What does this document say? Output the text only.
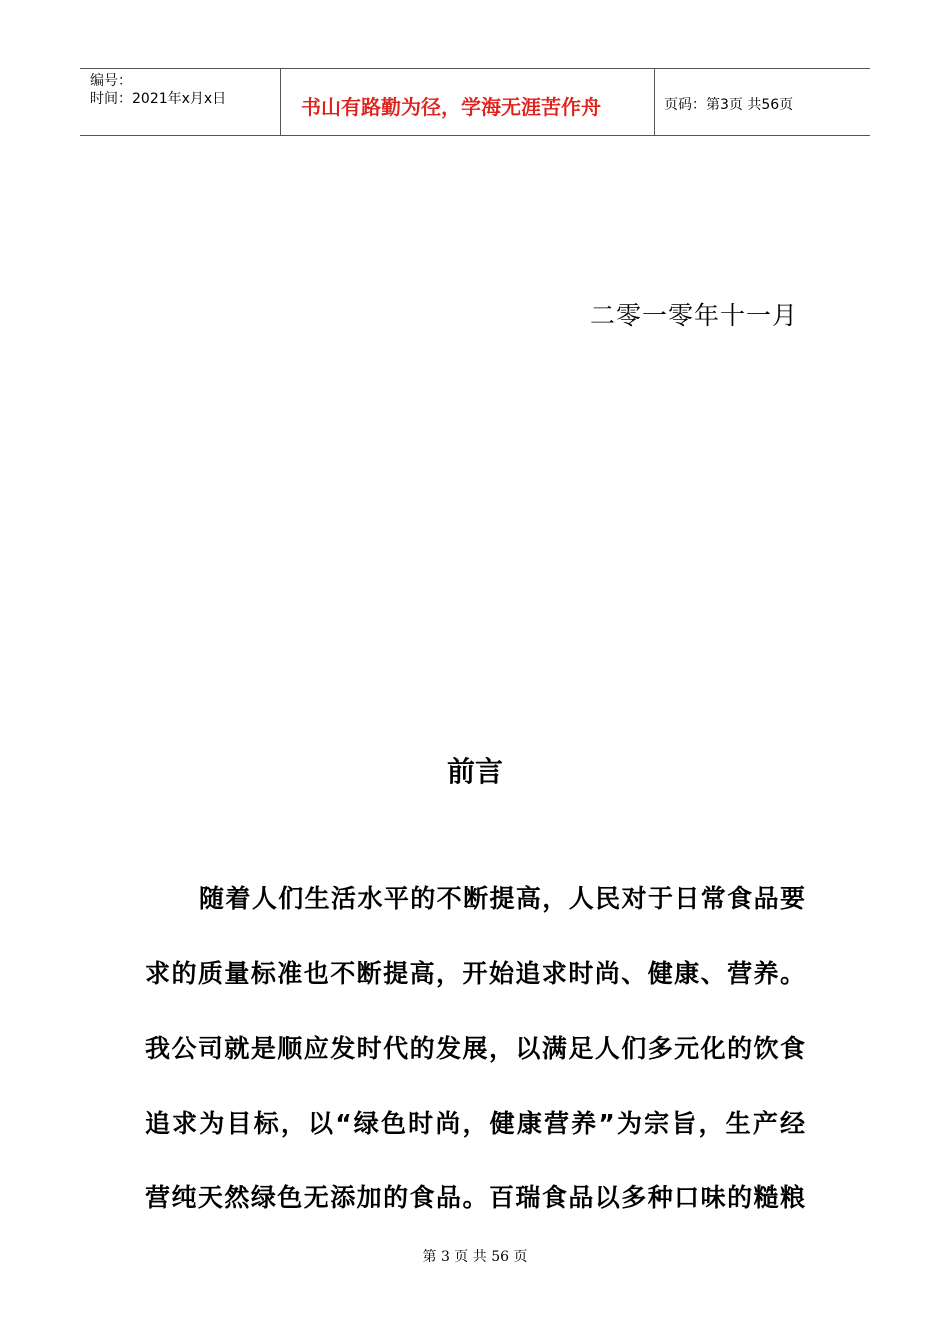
编号：
时间：2021年x月x日	书山有路勤为径，学海无涯苦作舟	页码：第3页 共56页
二零一零年十一月
前言
随着人们生活水平的不断提高，人民对于日常食品要
求的质量标准也不断提高，开始追求时尚、健康、营养。
我公司就是顺应发时代的发展，以满足人们多元化的饮食
追求为目标，以“绿色时尚，健康营养”为宗旨，生产经
营纯天然绿色无添加的食品。百瑞食品以多种口味的糙粮
第 3 页 共 56 页
